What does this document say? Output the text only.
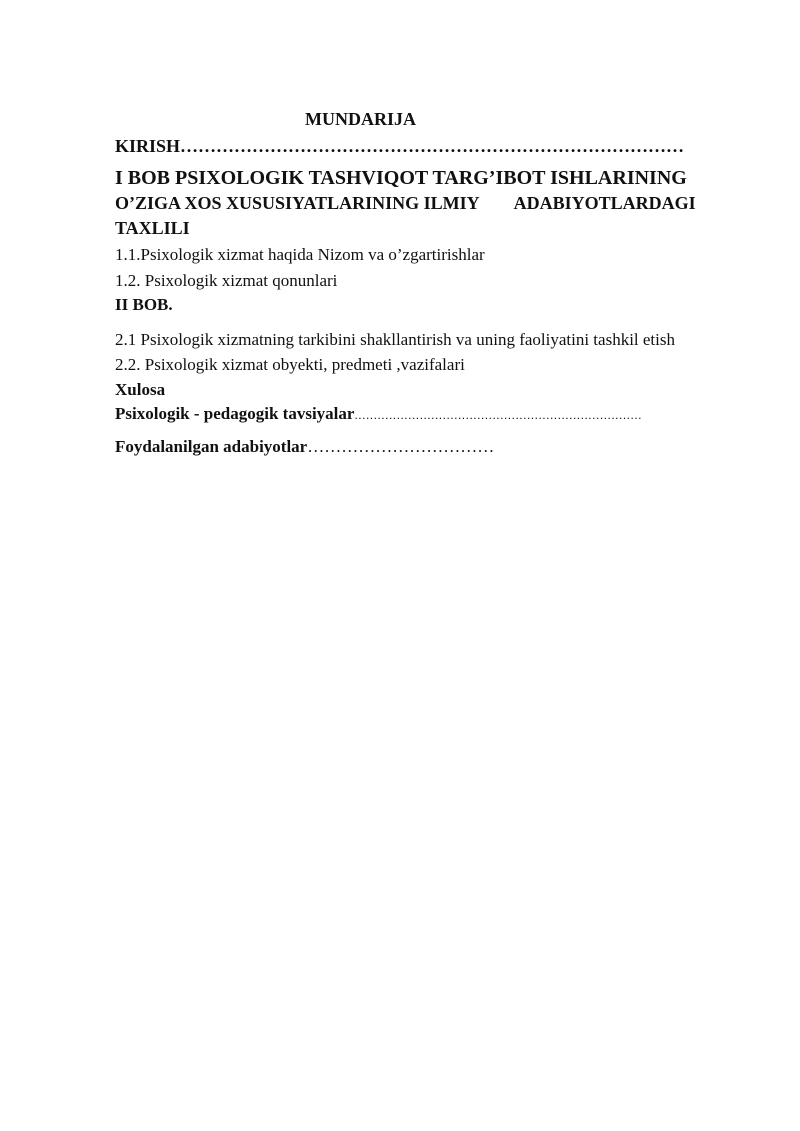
MUNDARIJA
KIRISH…………………………………………………………………………
I BOB PSIXOLOGIK TASHVIQOT TARG’IBOT ISHLARINING
O’ZIGA XOS XUSUSIYATLARINING ILMIY ADABIYOTLARDAGI
TAXLILI
1.1.Psixologik xizmat haqida Nizom va o’zgartirishlar
1.2. Psixologik xizmat qonunlari
II BOB.
2.1 Psixologik xizmatning tarkibini shakllantirish va uning faoliyatini tashkil etish
2.2. Psixologik xizmat obyekti, predmeti ,vazifalari
Xulosa
Psixologik - pedagogik tavsiyalar...........................................................................
Foydalanilgan adabiyotlar……………………………
